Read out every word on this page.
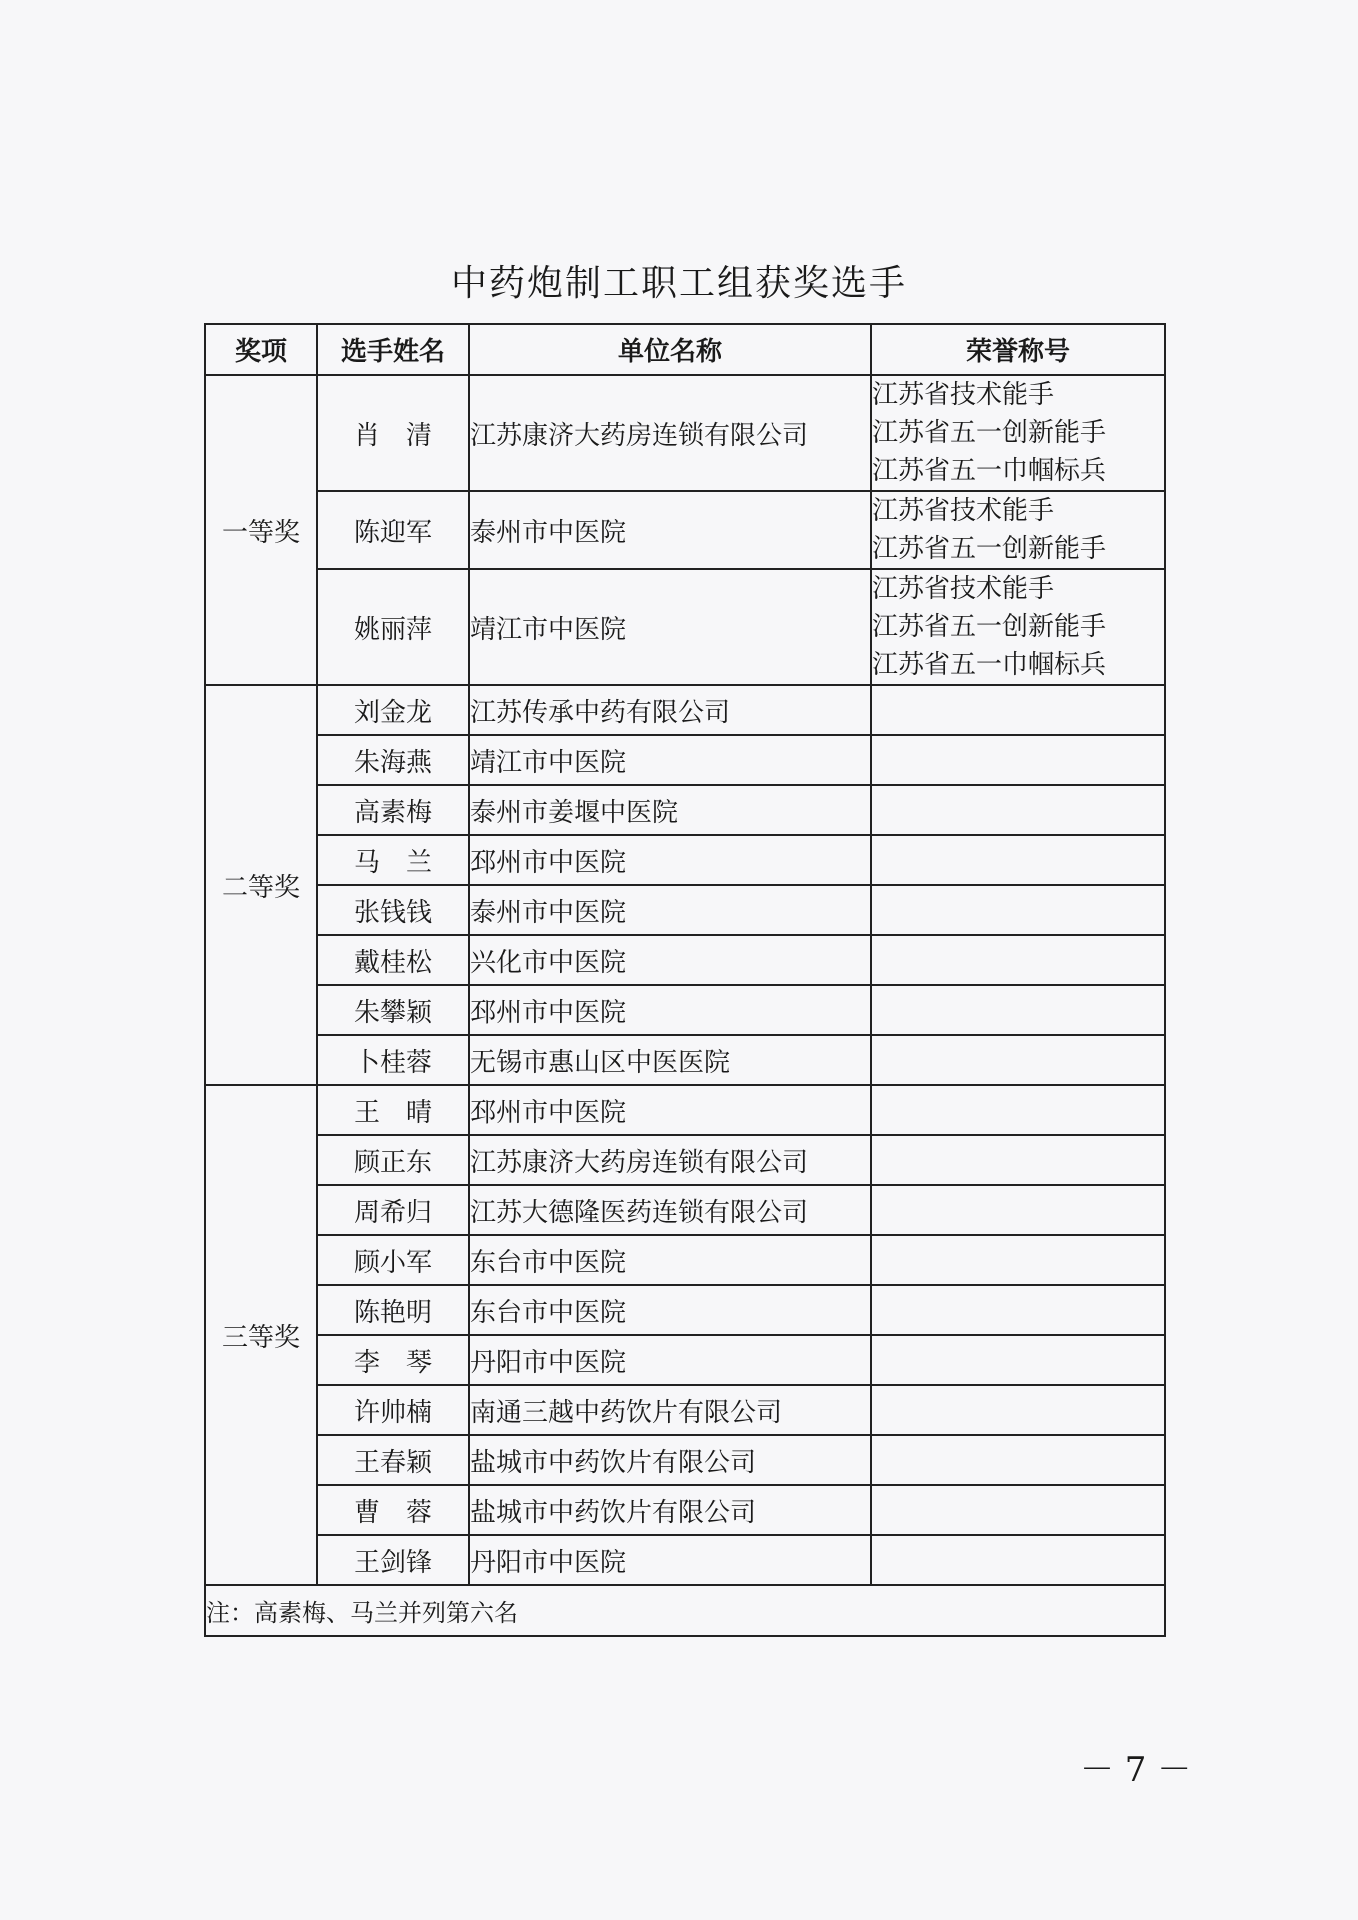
中药炮制工职工组获奖选手
奖项	选手姓名	单位名称	荣誉称号
一等奖	肖　清	江苏康济大药房连锁有限公司	江苏省技术能手
江苏省五一创新能手
江苏省五一巾帼标兵

	陈迎军	泰州市中医院	江苏省技术能手
江苏省五一创新能手

	姚丽萍	靖江市中医院	江苏省技术能手
江苏省五一创新能手
江苏省五一巾帼标兵

二等奖	刘金龙	江苏传承中药有限公司	
	朱海燕	靖江市中医院	
	高素梅	泰州市姜堰中医院	
	马　兰	邳州市中医院	
	张钱钱	泰州市中医院	
	戴桂松	兴化市中医院	
	朱攀颖	邳州市中医院	
	卜桂蓉	无锡市惠山区中医医院	
三等奖	王　晴	邳州市中医院	
	顾正东	江苏康济大药房连锁有限公司	
	周希归	江苏大德隆医药连锁有限公司	
	顾小军	东台市中医院	
	陈艳明	东台市中医院	
	李　琴	丹阳市中医院	
	许帅楠	南通三越中药饮片有限公司	
	王春颖	盐城市中药饮片有限公司	
	曹　蓉	盐城市中药饮片有限公司	
	王剑锋	丹阳市中医院	
注：高素梅、马兰并列第六名			
－ 7 －
